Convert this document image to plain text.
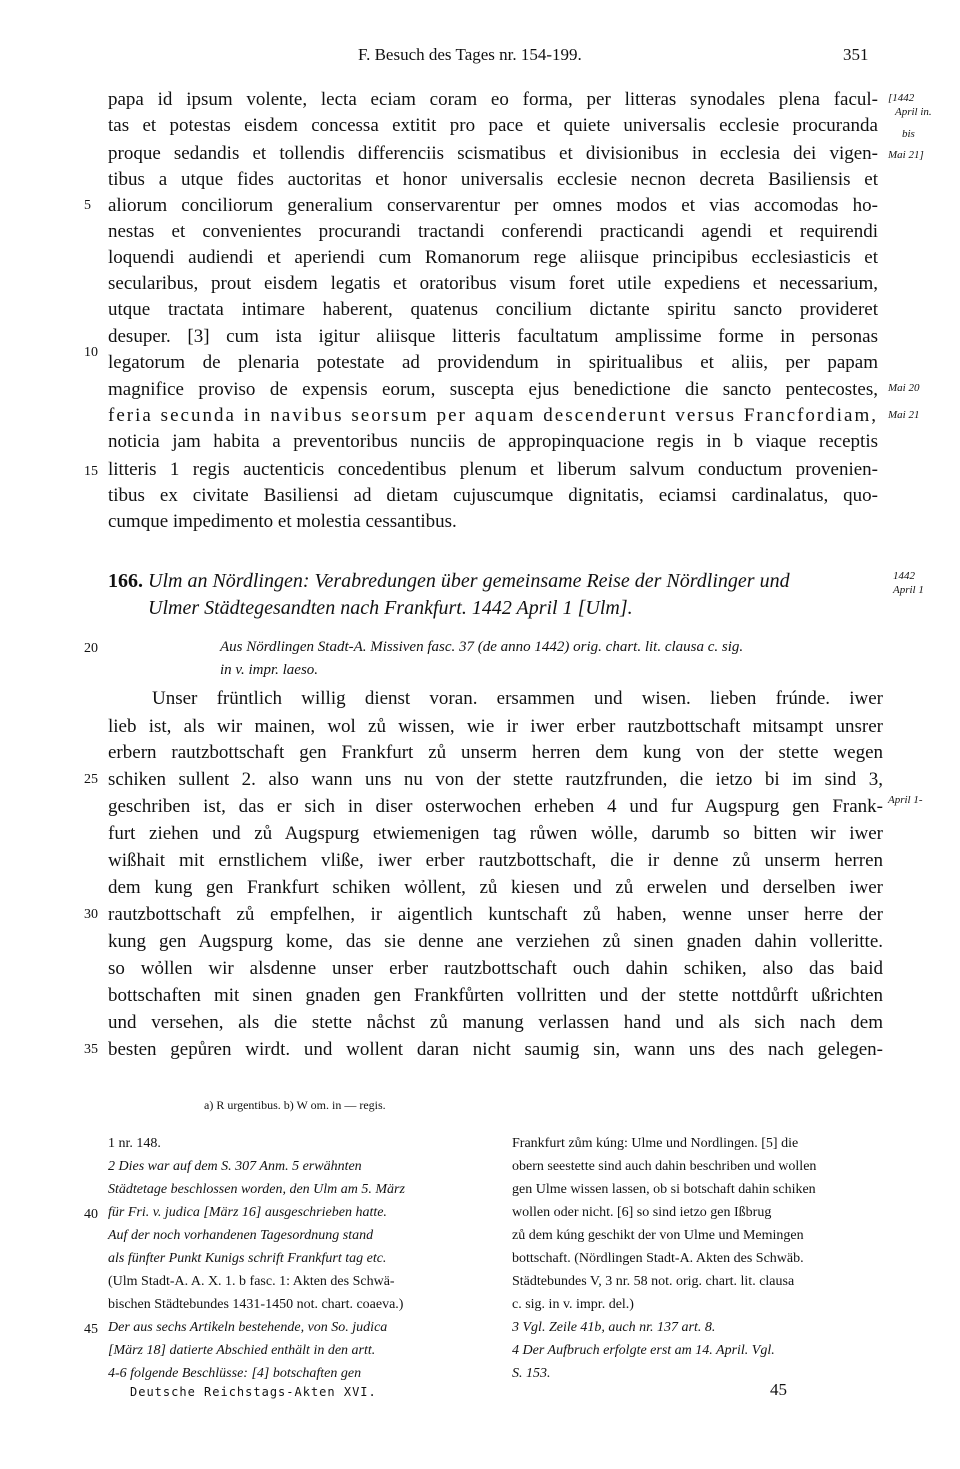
F. Besuch des Tages nr. 154-199.	351
[1442
April in.
bis
Mai 21]
Mai 20
Mai 21
1442
April 1
April 1-
5
10
15
20
25
30
35
40
45
papa id ipsum volente, lecta eciam coram eo forma, per litteras synodales plena facul-
tas et potestas eisdem concessa extitit pro pace et quiete universalis ecclesie procuranda
proque sedandis et tollendis differenciis scismatibus et divisionibus in ecclesia dei vigen-
tibus a utque fides auctoritas et honor universalis ecclesie necnon decreta Basiliensis et
aliorum conciliorum generalium conservarentur per omnes modos et vias accomodas ho-
nestas et convenientes procurandi tractandi conferendi practicandi agendi et requirendi
loquendi audiendi et aperiendi cum Romanorum rege aliisque principibus ecclesiasticis et
secularibus, prout eisdem legatis et oratoribus visum foret utile expediens et necessarium,
utque tractata intimare haberent, quatenus concilium dictante spiritu sancto provideret
desuper. [3] cum ista igitur aliisque litteris facultatum amplissime forme in personas
legatorum de plenaria potestate ad providendum in spiritualibus et aliis, per papam
magnifice proviso de expensis eorum, suscepta ejus benedictione die sancto pentecostes,
feria secunda in navibus seorsum per aquam descenderunt versus Francfordiam,
noticia jam habita a preventoribus nunciis de appropinquacione regis in b viaque receptis
litteris 1 regis auctenticis concedentibus plenum et liberum salvum conductum provenien-
tibus ex civitate Basiliensi ad dietam cujuscumque dignitatis, eciamsi cardinalatus, quo-
cumque impedimento et molestia cessantibus.
166. Ulm an Nördlingen: Verabredungen über gemeinsame Reise der Nördlinger und
Ulmer Städtegesandten nach Frankfurt. 1442 April 1 [Ulm].
Aus Nördlingen Stadt-A. Missiven fasc. 37 (de anno 1442) orig. chart. lit. clausa c. sig.
in v. impr. laeso.
Unser früntlich willig dienst voran. ersammen und wisen. lieben frúnde. iwer
lieb ist, als wir mainen, wol zů wissen, wie ir iwer erber rautzbottschaft mitsampt unsrer
erbern rautzbottschaft gen Frankfurt zů unserm herren dem kung von der stette wegen
schiken sullent 2. also wann uns nu von der stette rautzfrunden, die ietzo bi im sind 3,
geschriben ist, das er sich in diser osterwochen erheben 4 und fur Augspurg gen Frank-
furt ziehen und zů Augspurg etwiemenigen tag růwen wỏlle, darumb so bitten wir iwer
wißhait mit ernstlichem vliße, iwer erber rautzbottschaft, die ir denne zů unserm herren
dem kung gen Frankfurt schiken wỏllent, zů kiesen und zů erwelen und derselben iwer
rautzbottschaft zů empfelhen, ir aigentlich kuntschaft zů haben, wenne unser herre der
kung gen Augspurg kome, das sie denne ane verziehen zů sinen gnaden dahin volleritte.
so wỏllen wir alsdenne unser erber rautzbottschaft ouch dahin schiken, also das baid
bottschaften mit sinen gnaden gen Frankfůrten vollritten und der stette nottdůrft ußrichten
und versehen, als die stette nåchst zů manung verlassen hand und als sich nach dem
besten gepůren wirdt. und wollent daran nicht saumig sin, wann uns des nach gelegen-
a) R urgentibus. b) W om. in — regis.
1 nr. 148.
2 Dies war auf dem S. 307 Anm. 5 erwähnten
Städtetage beschlossen worden, den Ulm am 5. März
für Fri. v. judica [März 16] ausgeschrieben hatte.
Auf der noch vorhandenen Tagesordnung stand
als fünfter Punkt Kunigs schrift Frankfurt tag etc.
(Ulm Stadt-A. A. X. 1. b fasc. 1: Akten des Schwä-
bischen Städtebundes 1431-1450 not. chart. coaeva.)
Der aus sechs Artikeln bestehende, von So. judica
[März 18] datierte Abschied enthält in den artt.
4-6 folgende Beschlüsse: [4] botschaften gen
Frankfurt zům kúng: Ulme und Nordlingen. [5] die
obern seestette sind auch dahin beschriben und wollen
gen Ulme wissen lassen, ob si botschaft dahin schiken
wollen oder nicht. [6] so sind ietzo gen Ißbrug
zů dem kúng geschikt der von Ulme und Memingen
bottschaft. (Nördlingen Stadt-A. Akten des Schwäb.
Städtebundes V, 3 nr. 58 not. orig. chart. lit. clausa
c. sig. in v. impr. del.)
3 Vgl. Zeile 41b, auch nr. 137 art. 8.
4 Der Aufbruch erfolgte erst am 14. April. Vgl.
S. 153.
Deutsche Reichstags-Akten XVI.	45
